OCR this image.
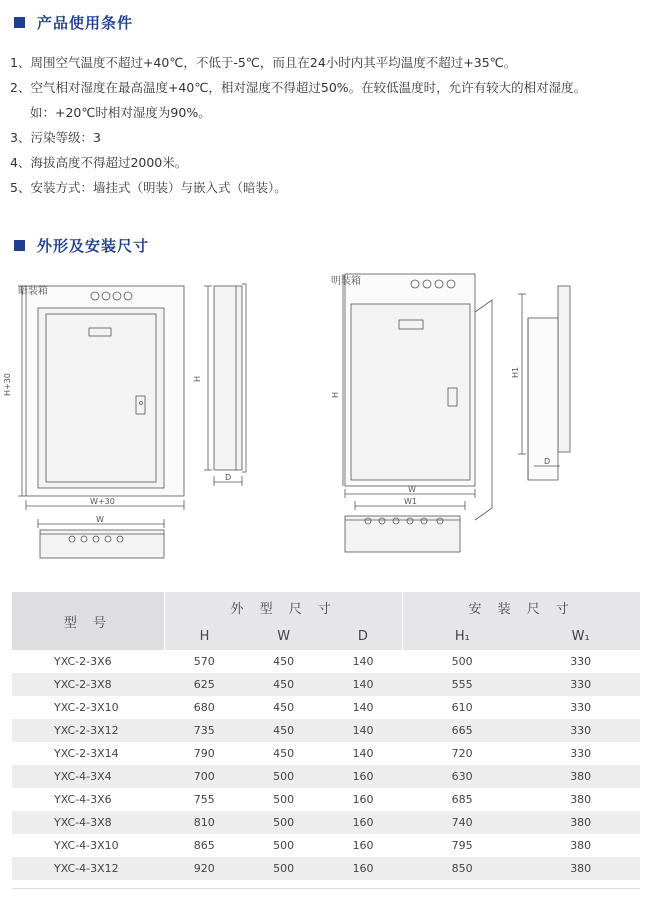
产品使用条件

1、周围空气温度不超过+40℃，不低于-5℃，而且在24小时内其平均温度不超过+35℃。

2、空气相对湿度在最高温度+40℃，相对湿度不得超过50%。在较低温度时，允许有较大的相对湿度。

如：+20℃时相对湿度为90%。

3、污染等级：3

4、海拔高度不得超过2000米。

5、安装方式：墙挂式（明装）与嵌入式（暗装）。

外形及安装尺寸
暗装箱
明装箱
H+30	H
D
W+30
W
H
W
W1
H1
D
型 号	外 型 尺 寸			安 装 尺 寸	
	H	W	D	H₁	W₁
YXC-2-3X6	570	450	140	500	330
YXC-2-3X8	625	450	140	555	330
YXC-2-3X10	680	450	140	610	330
YXC-2-3X12	735	450	140	665	330
YXC-2-3X14	790	450	140	720	330
YXC-4-3X4	700	500	160	630	380
YXC-4-3X6	755	500	160	685	380
YXC-4-3X8	810	500	160	740	380
YXC-4-3X10	865	500	160	795	380
YXC-4-3X12	920	500	160	850	380
